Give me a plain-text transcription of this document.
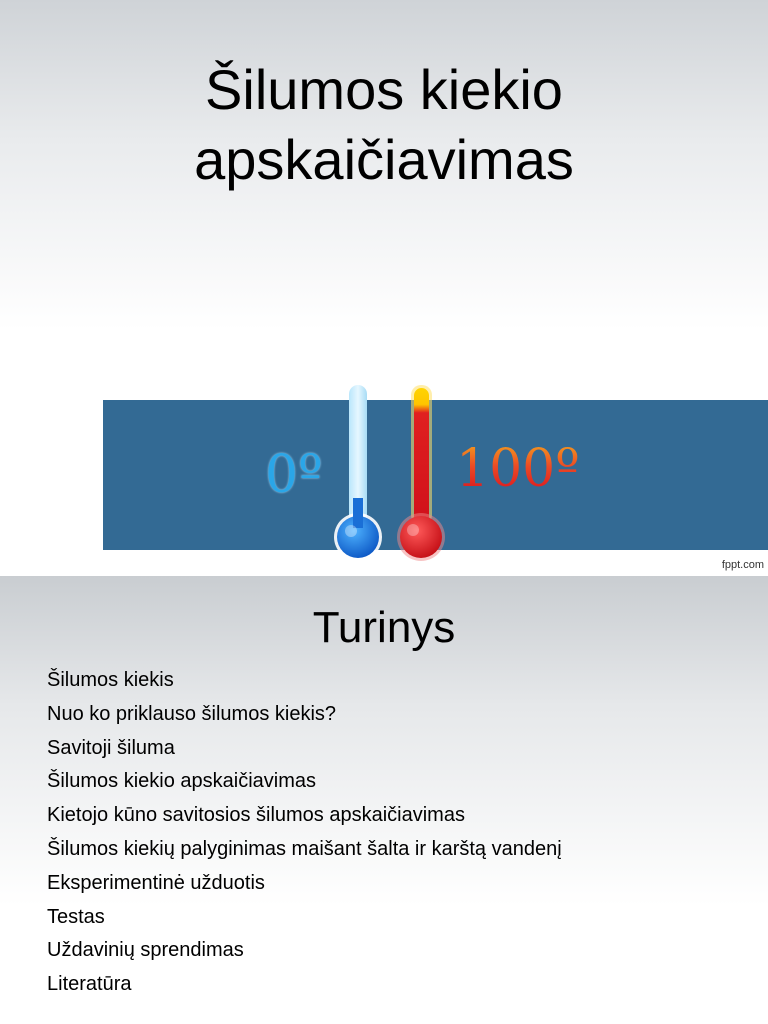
Šilumos kiekio
apskaičiavimas
0º	100º
fppt.com
Turinys
Šilumos kiekis
Nuo ko priklauso šilumos kiekis?
Savitoji šiluma
Šilumos kiekio apskaičiavimas
Kietojo kūno savitosios šilumos apskaičiavimas
Šilumos kiekių palyginimas maišant šalta ir karštą vandenį
Eksperimentinė užduotis
Testas
Uždavinių sprendimas
Literatūra
